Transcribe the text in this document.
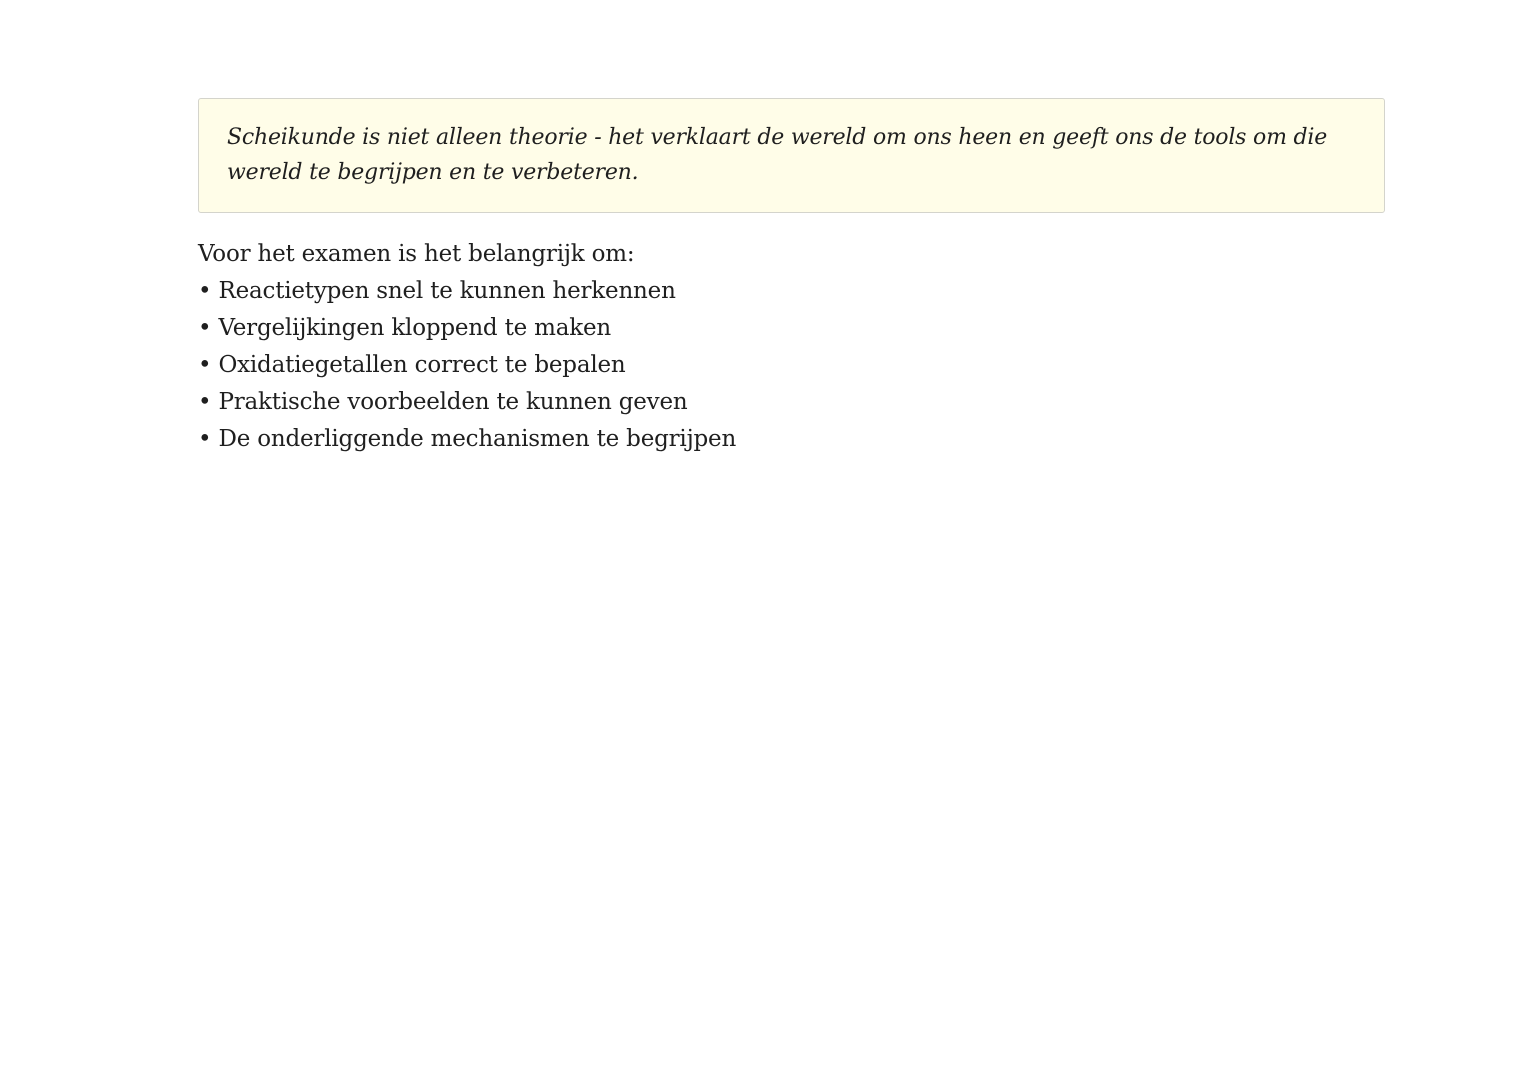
Scheikunde is niet alleen theorie - het verklaart de wereld om ons heen en geeft ons de tools om die wereld te begrijpen en te verbeteren.

Voor het examen is het belangrijk om:

• Reactietypen snel te kunnen herkennen
• Vergelijkingen kloppend te maken
• Oxidatiegetallen correct te bepalen
• Praktische voorbeelden te kunnen geven
• De onderliggende mechanismen te begrijpen
